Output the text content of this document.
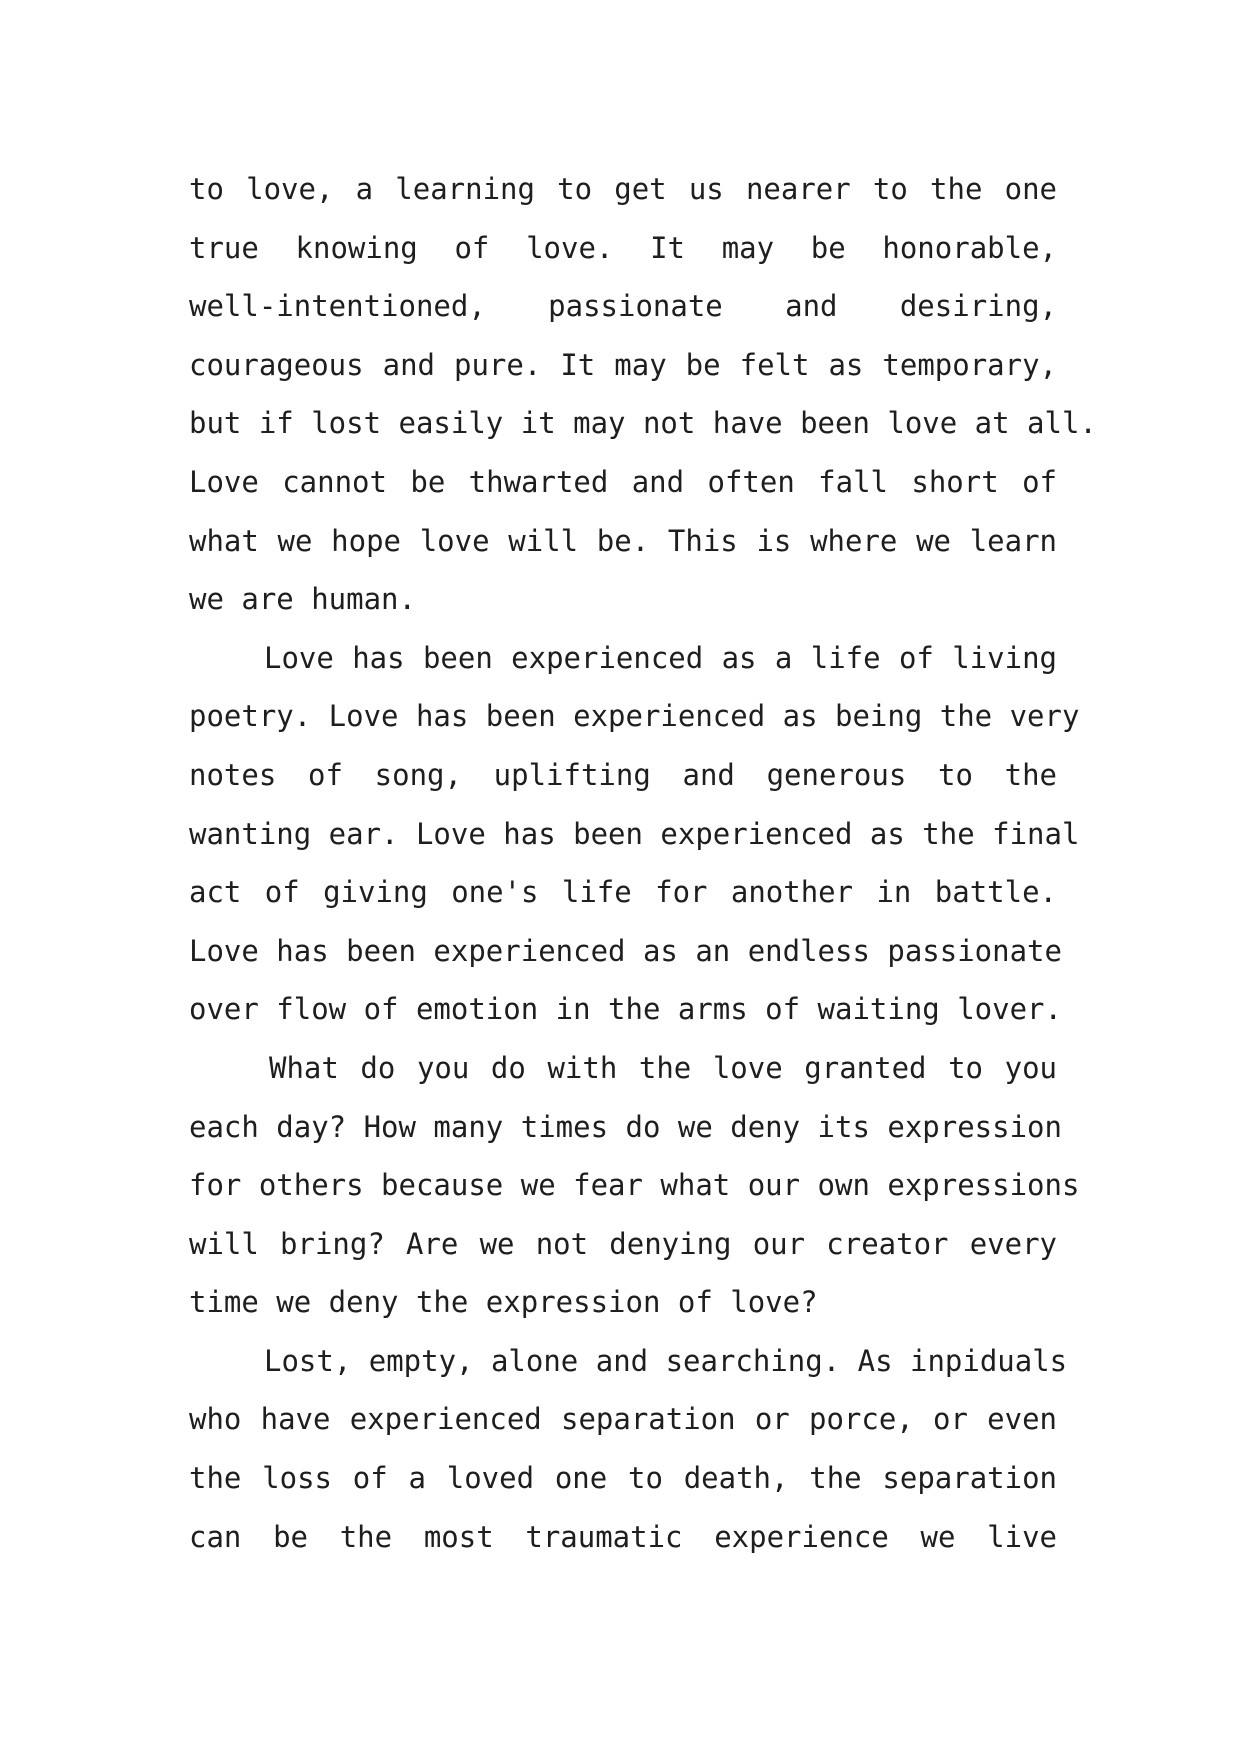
to love, a learning to get us nearer to the one
true knowing of love. It may be honorable,
well-intentioned, passionate and desiring,
courageous and pure. It may be felt as temporary,
but if lost easily it may not have been love at all.
Love cannot be thwarted and often fall short of
what we hope love will be. This is where we learn
we are human.
Love has been experienced as a life of living
poetry. Love has been experienced as being the very
notes of song, uplifting and generous to the
wanting ear. Love has been experienced as the final
act of giving one's life for another in battle.
Love has been experienced as an endless passionate
over flow of emotion in the arms of waiting lover.
What do you do with the love granted to you
each day? How many times do we deny its expression
for others because we fear what our own expressions
will bring? Are we not denying our creator every
time we deny the expression of love?
Lost, empty, alone and searching. As inpiduals
who have experienced separation or porce, or even
the loss of a loved one to death, the separation
can be the most traumatic experience we live
